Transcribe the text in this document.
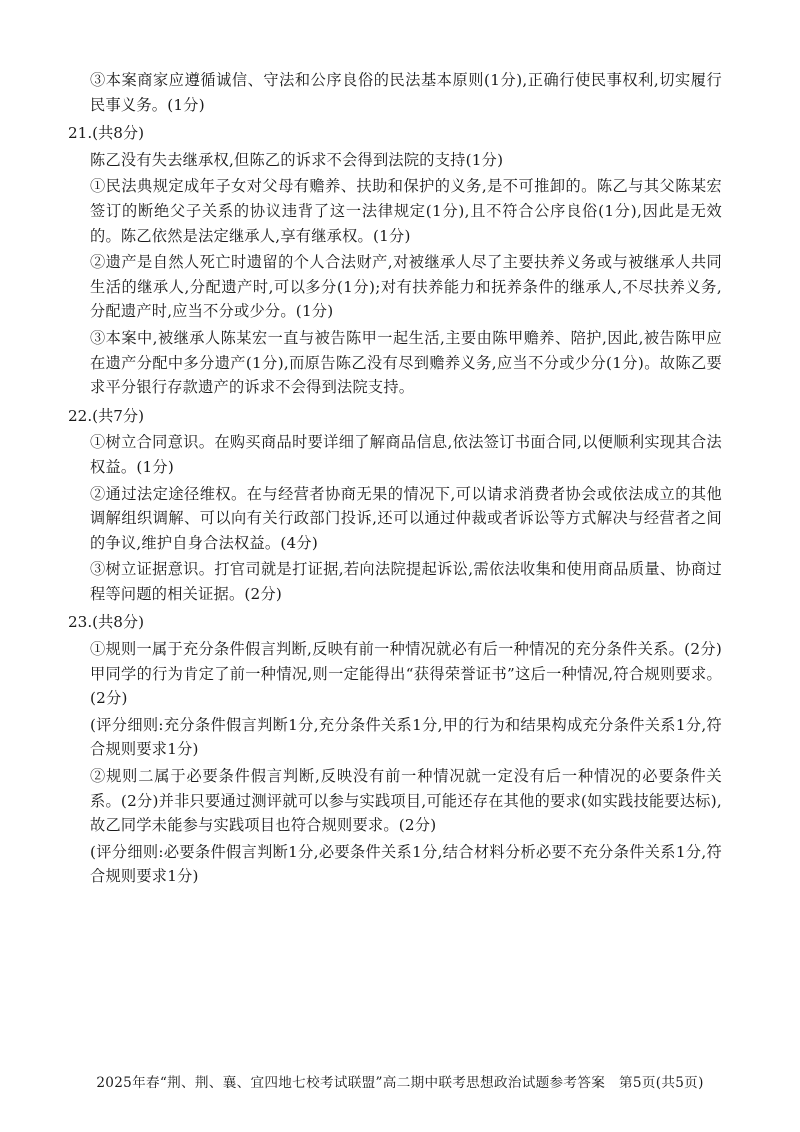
③本案商家应遵循诚信、守法和公序良俗的民法基本原则(1分),正确行使民事权利,切实履行民事义务。(1分)

21.(共8分)

陈乙没有失去继承权,但陈乙的诉求不会得到法院的支持(1分)

①民法典规定成年子女对父母有赡养、扶助和保护的义务,是不可推卸的。陈乙与其父陈某宏签订的断绝父子关系的协议违背了这一法律规定(1分),且不符合公序良俗(1分),因此是无效的。陈乙依然是法定继承人,享有继承权。(1分)

②遗产是自然人死亡时遗留的个人合法财产,对被继承人尽了主要扶养义务或与被继承人共同生活的继承人,分配遗产时,可以多分(1分);对有扶养能力和抚养条件的继承人,不尽扶养义务,分配遗产时,应当不分或少分。(1分)

③本案中,被继承人陈某宏一直与被告陈甲一起生活,主要由陈甲赡养、陪护,因此,被告陈甲应在遗产分配中多分遗产(1分),而原告陈乙没有尽到赡养义务,应当不分或少分(1分)。故陈乙要求平分银行存款遗产的诉求不会得到法院支持。

22.(共7分)

①树立合同意识。在购买商品时要详细了解商品信息,依法签订书面合同,以便顺利实现其合法权益。(1分)

②通过法定途径维权。在与经营者协商无果的情况下,可以请求消费者协会或依法成立的其他调解组织调解、可以向有关行政部门投诉,还可以通过仲裁或者诉讼等方式解决与经营者之间的争议,维护自身合法权益。(4分)

③树立证据意识。打官司就是打证据,若向法院提起诉讼,需依法收集和使用商品质量、协商过程等问题的相关证据。(2分)

23.(共8分)

①规则一属于充分条件假言判断,反映有前一种情况就必有后一种情况的充分条件关系。(2分)甲同学的行为肯定了前一种情况,则一定能得出“获得荣誉证书”这后一种情况,符合规则要求。(2分)

(评分细则:充分条件假言判断1分,充分条件关系1分,甲的行为和结果构成充分条件关系1分,符合规则要求1分)

②规则二属于必要条件假言判断,反映没有前一种情况就一定没有后一种情况的必要条件关系。(2分)并非只要通过测评就可以参与实践项目,可能还存在其他的要求(如实践技能要达标),故乙同学未能参与实践项目也符合规则要求。(2分)

(评分细则:必要条件假言判断1分,必要条件关系1分,结合材料分析必要不充分条件关系1分,符合规则要求1分)

2025年春“荆、荆、襄、宜四地七校考试联盟”高二期中联考思想政治试题参考答案　第5页(共5页)
